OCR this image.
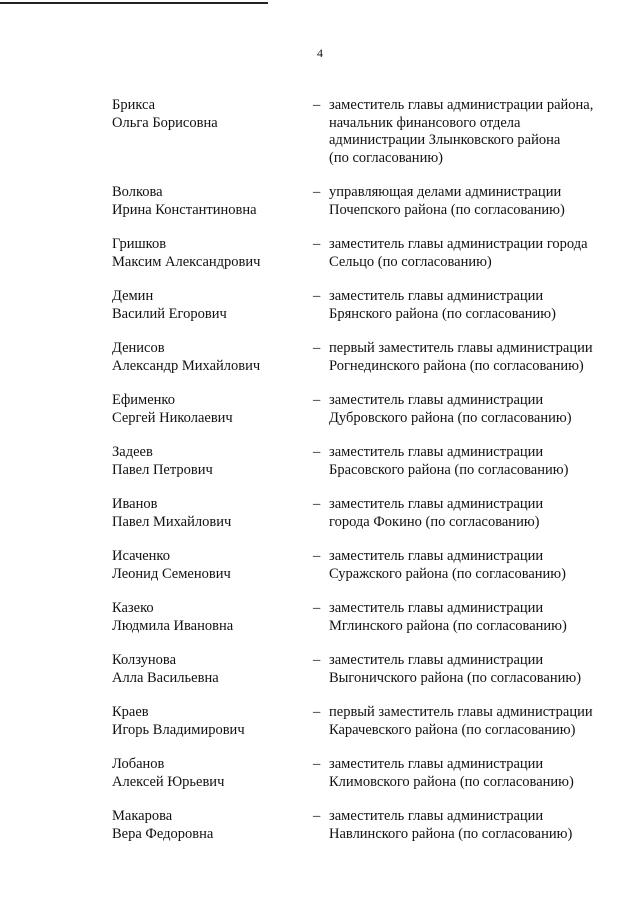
4
Брикса
Ольга Борисовна
– заместитель главы администрации района,
начальник финансового отдела
администрации Злынковского района
(по согласованию)
Волкова
Ирина Константиновна
– управляющая делами администрации
Почепского района (по согласованию)
Гришков
Максим Александрович
– заместитель главы администрации города
Сельцо (по согласованию)
Демин
Василий Егорович
– заместитель главы администрации
Брянского района (по согласованию)
Денисов
Александр Михайлович
– первый заместитель главы администрации
Рогнединского района (по согласованию)
Ефименко
Сергей Николаевич
– заместитель главы администрации
Дубровского района (по согласованию)
Задеев
Павел Петрович
– заместитель главы администрации
Брасовского района (по согласованию)
Иванов
Павел Михайлович
– заместитель главы администрации
города Фокино (по согласованию)
Исаченко
Леонид Семенович
– заместитель главы администрации
Суражского района (по согласованию)
Казеко
Людмила Ивановна
– заместитель главы администрации
Мглинского района (по согласованию)
Колзунова
Алла Васильевна
– заместитель главы администрации
Выгоничского района (по согласованию)
Краев
Игорь Владимирович
– первый заместитель главы администрации
Карачевского района (по согласованию)
Лобанов
Алексей Юрьевич
– заместитель главы администрации
Климовского района (по согласованию)
Макарова
Вера Федоровна
– заместитель главы администрации
Навлинского района (по согласованию)
